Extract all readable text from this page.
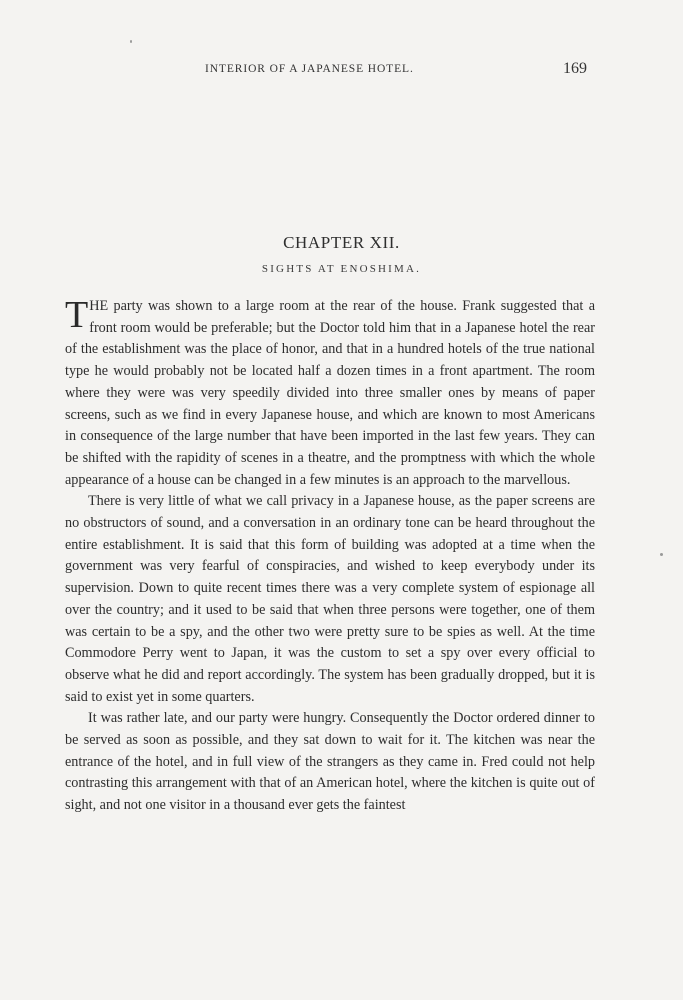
INTERIOR OF A JAPANESE HOTEL.	169
CHAPTER XII.
SIGHTS AT ENOSHIMA.

THE party was shown to a large room at the rear of the house. Frank suggested that a front room would be preferable; but the Doctor told him that in a Japanese hotel the rear of the establishment was the place of honor, and that in a hundred hotels of the true national type he would probably not be located half a dozen times in a front apartment. The room where they were was very speedily divided into three smaller ones by means of paper screens, such as we find in every Japanese house, and which are known to most Americans in consequence of the large number that have been imported in the last few years. They can be shifted with the rapidity of scenes in a theatre, and the promptness with which the whole appearance of a house can be changed in a few minutes is an approach to the marvellous.

There is very little of what we call privacy in a Japanese house, as the paper screens are no obstructors of sound, and a conversation in an ordinary tone can be heard throughout the entire establishment. It is said that this form of building was adopted at a time when the government was very fearful of conspiracies, and wished to keep everybody under its supervision. Down to quite recent times there was a very complete system of espionage all over the country; and it used to be said that when three persons were together, one of them was certain to be a spy, and the other two were pretty sure to be spies as well. At the time Commodore Perry went to Japan, it was the custom to set a spy over every official to observe what he did and report accordingly. The system has been gradually dropped, but it is said to exist yet in some quarters.

It was rather late, and our party were hungry. Consequently the Doctor ordered dinner to be served as soon as possible, and they sat down to wait for it. The kitchen was near the entrance of the hotel, and in full view of the strangers as they came in. Fred could not help contrasting this arrangement with that of an American hotel, where the kitchen is quite out of sight, and not one visitor in a thousand ever gets the faintest
